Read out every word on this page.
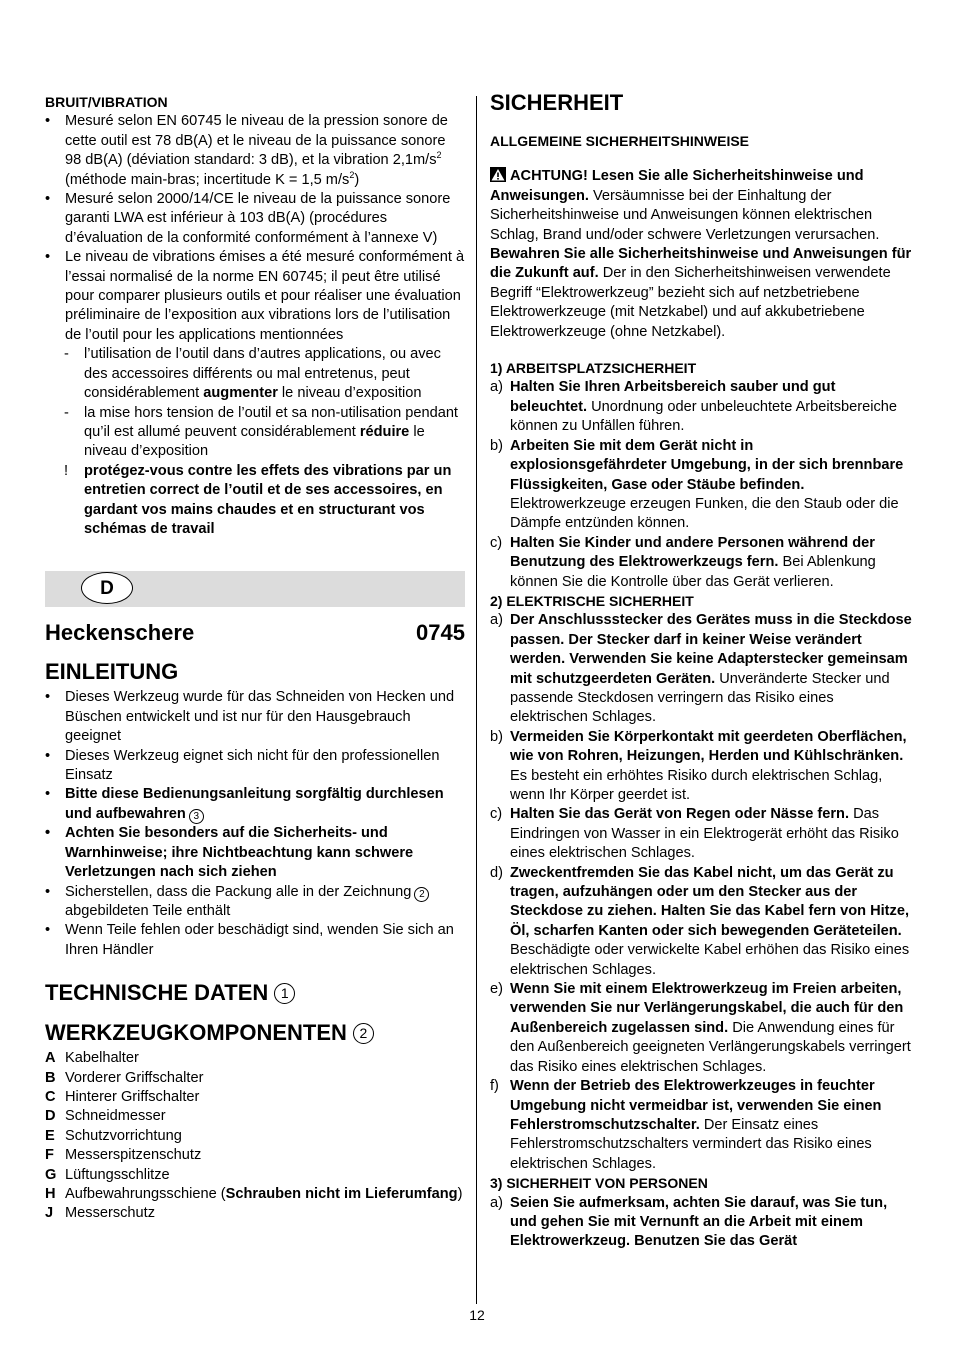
BRUIT/VIBRATION
• Mesuré selon EN 60745 le niveau de la pression sonore de cette outil est 78 dB(A) et le niveau de la puissance sonore 98 dB(A) (déviation standard: 3 dB), et la vibration $2,1m/s^2$ (méthode main-bras; incertitude K = 1,5 $m/s^2$)
• Mesuré selon 2000/14/CE le niveau de la puissance sonore garanti LWA est inférieur à 103 dB(A) (procédures d’évaluation de la conformité conformément à l’annexe V)
• Le niveau de vibrations émises a été mesuré conformément à l’essai normalisé de la norme EN 60745; il peut être utilisé pour comparer plusieurs outils et pour réaliser une évaluation préliminaire de l’exposition aux vibrations lors de l’utilisation de l’outil pour les applications mentionnées
- l’utilisation de l’outil dans d’autres applications, ou avec des accessoires différents ou mal entretenus, peut considérablement augmenter le niveau d’exposition
- la mise hors tension de l’outil et sa non-utilisation pendant qu’il est allumé peuvent considérablement réduire le niveau d’exposition
! protégez-vous contre les effets des vibrations par un entretien correct de l’outil et de ses accessoires, en gardant vos mains chaudes et en structurant vos schémas de travail
D
Heckenschere	0745
EINLEITUNG
• Dieses Werkzeug wurde für das Schneiden von Hecken und Büschen entwickelt und ist nur für den Hausgebrauch geeignet
• Dieses Werkzeug eignet sich nicht für den professionellen Einsatz
• Bitte diese Bedienungsanleitung sorgfältig durchlesen und aufbewahren 3
• Achten Sie besonders auf die Sicherheits- und Warnhinweise; ihre Nichtbeachtung kann schwere Verletzungen nach sich ziehen
• Sicherstellen, dass die Packung alle in der Zeichnung 2
abgebildeten Teile enthält
• Wenn Teile fehlen oder beschädigt sind, wenden Sie sich an Ihren Händler
TECHNISCHE DATEN 1
WERKZEUGKOMPONENTEN 2
A Kabelhalter
B Vorderer Griffschalter
C Hinterer Griffschalter
D Schneidmesser
E Schutzvorrichtung
F Messerspitzenschutz
G Lüftungsschlitze
H Aufbewahrungsschiene (Schrauben nicht im Lieferumfang)
J Messerschutz
SICHERHEIT
ALLGEMEINE SICHERHEITSHINWEISE
ACHTUNG! Lesen Sie alle Sicherheitshinweise und Anweisungen. Versäumnisse bei der Einhaltung der Sicherheitshinweise und Anweisungen können elektrischen Schlag, Brand und/oder schwere Verletzungen verursachen. Bewahren Sie alle Sicherheitshinweise und Anweisungen für die Zukunft auf. Der in den Sicherheitshinweisen verwendete Begriff “Elektrowerkzeug” bezieht sich auf netzbetriebene Elektrowerkzeuge (mit Netzkabel) und auf akkubetriebene Elektrowerkzeuge (ohne Netzkabel).
1) ARBEITSPLATZSICHERHEIT
a) Halten Sie Ihren Arbeitsbereich sauber und gut beleuchtet. Unordnung oder unbeleuchtete Arbeitsbereiche können zu Unfällen führen.
b) Arbeiten Sie mit dem Gerät nicht in explosionsgefährdeter Umgebung, in der sich brennbare Flüssigkeiten, Gase oder Stäube befinden. Elektrowerkzeuge erzeugen Funken, die den Staub oder die Dämpfe entzünden können.
c) Halten Sie Kinder und andere Personen während der Benutzung des Elektrowerkzeugs fern. Bei Ablenkung können Sie die Kontrolle über das Gerät verlieren.
2) ELEKTRISCHE SICHERHEIT
a) Der Anschlussstecker des Gerätes muss in die Steckdose passen. Der Stecker darf in keiner Weise verändert werden. Verwenden Sie keine Adapterstecker gemeinsam mit schutzgeerdeten Geräten. Unveränderte Stecker und passende Steckdosen verringern das Risiko eines elektrischen Schlages.
b) Vermeiden Sie Körperkontakt mit geerdeten Oberflächen, wie von Rohren, Heizungen, Herden und Kühlschränken. Es besteht ein erhöhtes Risiko durch elektrischen Schlag, wenn Ihr Körper geerdet ist.
c) Halten Sie das Gerät von Regen oder Nässe fern. Das Eindringen von Wasser in ein Elektrogerät erhöht das Risiko eines elektrischen Schlages.
d) Zweckentfremden Sie das Kabel nicht, um das Gerät zu tragen, aufzuhängen oder um den Stecker aus der Steckdose zu ziehen. Halten Sie das Kabel fern von Hitze, Öl, scharfen Kanten oder sich bewegenden Geräteteilen. Beschädigte oder verwickelte Kabel erhöhen das Risiko eines elektrischen Schlages.
e) Wenn Sie mit einem Elektrowerkzeug im Freien arbeiten, verwenden Sie nur Verlängerungskabel, die auch für den Außenbereich zugelassen sind. Die Anwendung eines für den Außenbereich geeigneten Verlängerungskabels verringert das Risiko eines elektrischen Schlages.
f) Wenn der Betrieb des Elektrowerkzeuges in feuchter Umgebung nicht vermeidbar ist, verwenden Sie einen Fehlerstromschutzschalter. Der Einsatz eines Fehlerstromschutzschalters vermindert das Risiko eines elektrischen Schlages.
3) SICHERHEIT VON PERSONEN
a) Seien Sie aufmerksam, achten Sie darauf, was Sie tun, und gehen Sie mit Vernunft an die Arbeit mit einem Elektrowerkzeug. Benutzen Sie das Gerät
12
